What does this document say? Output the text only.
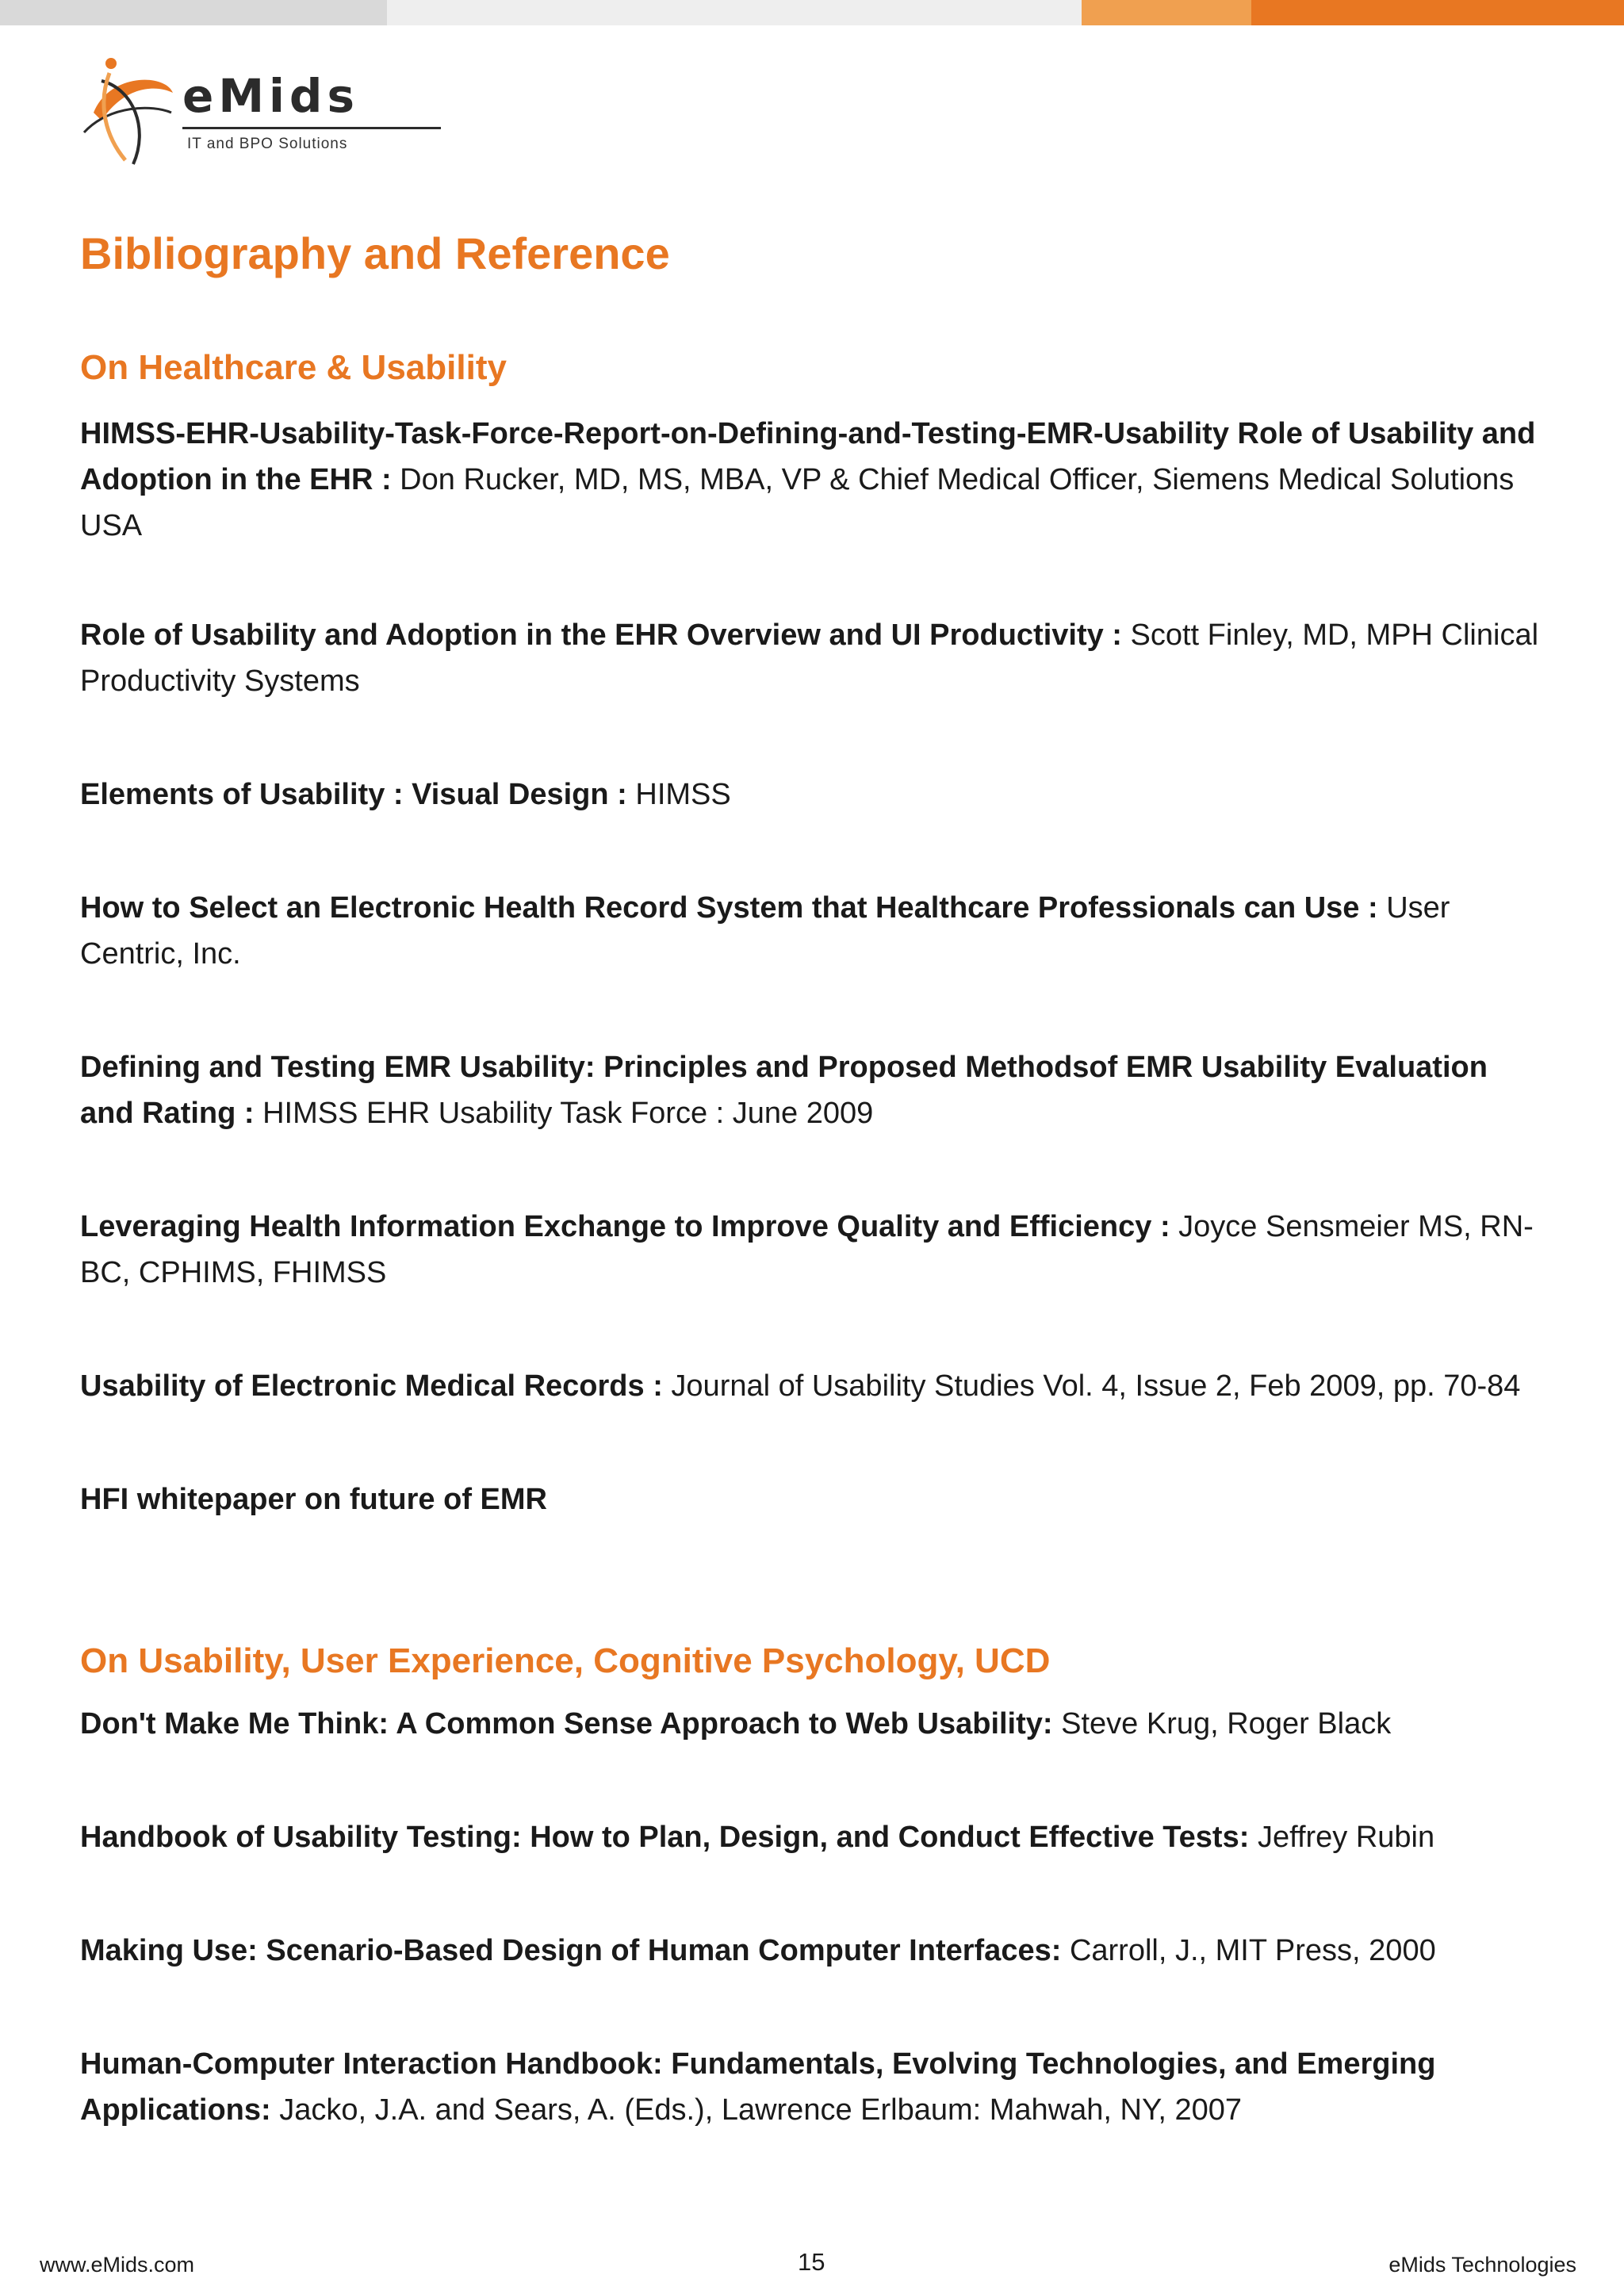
eMids
IT and BPO Solutions
Bibliography and Reference
On Healthcare & Usability

HIMSS-EHR-Usability-Task-Force-Report-on-Defining-and-Testing-EMR-Usability Role of Usability and Adoption in the EHR : Don Rucker, MD, MS, MBA, VP & Chief Medical Officer, Siemens Medical Solutions USA

Role of Usability and Adoption in the EHR Overview and UI Productivity : Scott Finley, MD, MPH Clinical Productivity Systems

Elements of Usability : Visual Design : HIMSS

How to Select an Electronic Health Record System that Healthcare Professionals can Use : User Centric, Inc.

Defining and Testing EMR Usability: Principles and Proposed Methodsof EMR Usability Evaluation and Rating : HIMSS EHR Usability Task Force : June 2009

Leveraging Health Information Exchange to Improve Quality and Efficiency : Joyce Sensmeier MS, RN-BC, CPHIMS, FHIMSS

Usability of Electronic Medical Records : Journal of Usability Studies Vol. 4, Issue 2, Feb 2009, pp. 70-84

HFI whitepaper on future of EMR

On Usability, User Experience, Cognitive Psychology, UCD

Don't Make Me Think: A Common Sense Approach to Web Usability: Steve Krug, Roger Black

Handbook of Usability Testing: How to Plan, Design, and Conduct Effective Tests: Jeffrey Rubin

Making Use: Scenario-Based Design of Human Computer Interfaces: Carroll, J., MIT Press, 2000

Human-Computer Interaction Handbook: Fundamentals, Evolving Technologies, and Emerging Applications: Jacko, J.A. and Sears, A. (Eds.), Lawrence Erlbaum: Mahwah, NY, 2007

www.eMids.com	15	eMids Technologies
